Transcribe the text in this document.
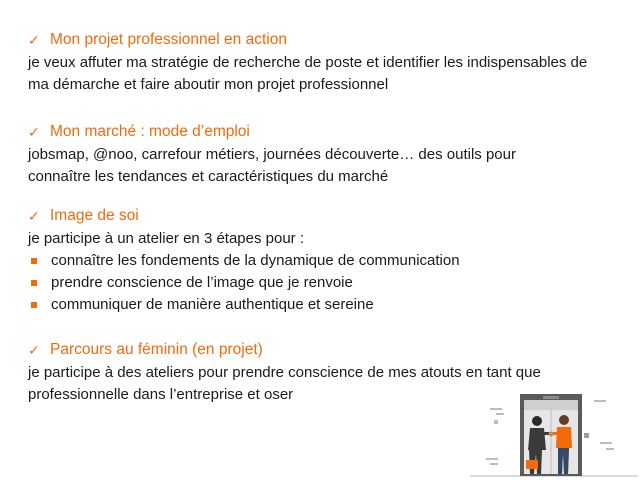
✓ Mon projet professionnel en action
je veux affuter ma stratégie de recherche de poste et identifier les indispensables de
ma démarche et faire aboutir mon projet professionnel
✓ Mon marché : mode d’emploi
jobsmap, @noo, carrefour métiers, journées découverte… des outils pour
connaître les tendances et caractéristiques du marché
✓ Image de soi
je participe à un atelier en 3 étapes pour :
connaître les fondements de la dynamique de communication
prendre conscience de l’image que je renvoie
communiquer de manière authentique et sereine
✓ Parcours au féminin (en projet)
je participe à des ateliers pour prendre conscience de mes atouts en tant que
professionnelle dans l’entreprise et oser
